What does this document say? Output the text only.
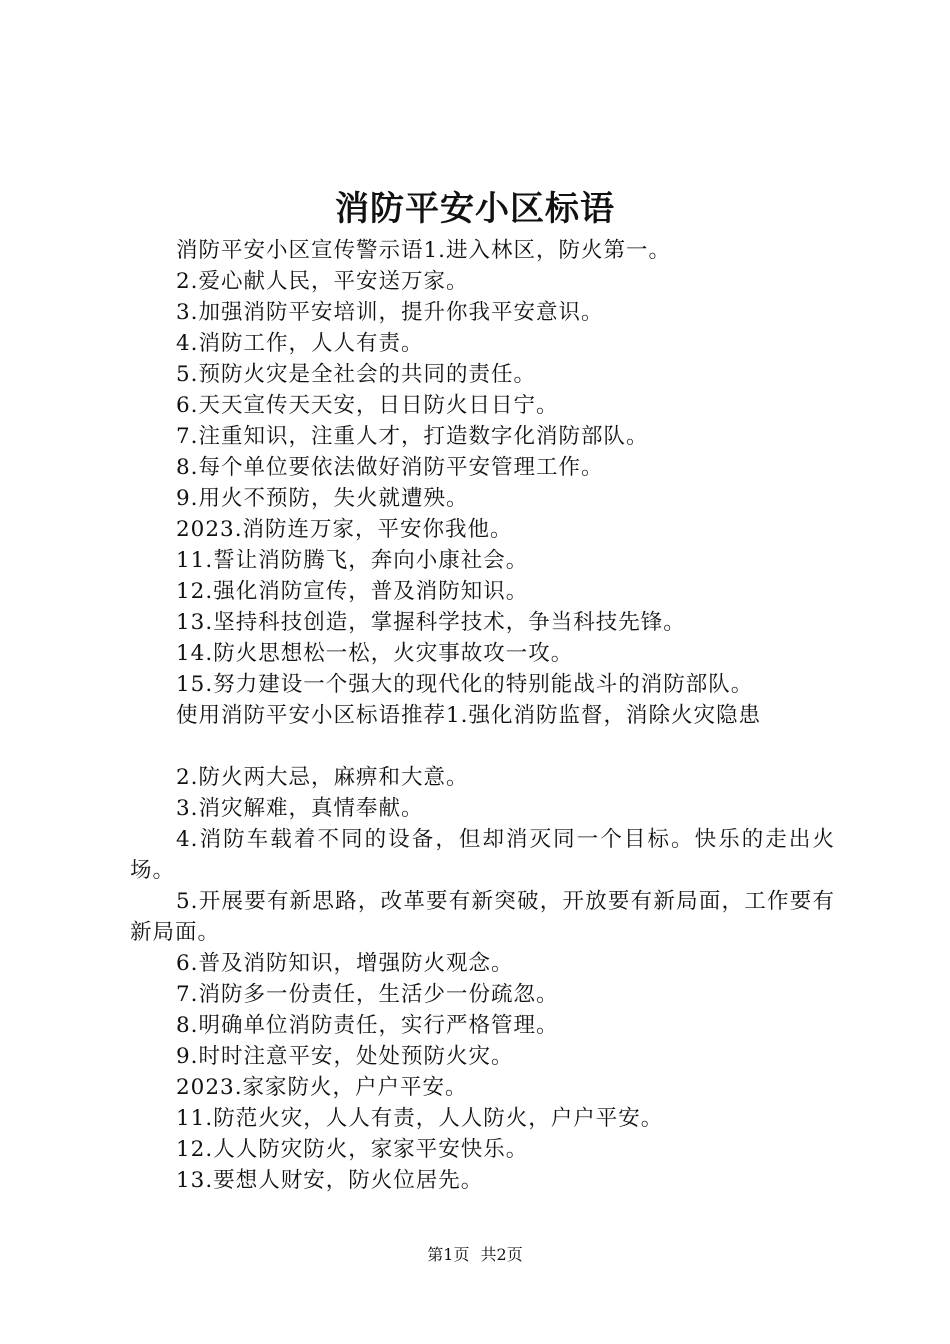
消防平安小区标语
消防平安小区宣传警示语1.进入林区，防火第一。
2.爱心献人民，平安送万家。
3.加强消防平安培训，提升你我平安意识。
4.消防工作，人人有责。
5.预防火灾是全社会的共同的责任。
6.天天宣传天天安，日日防火日日宁。
7.注重知识，注重人才，打造数字化消防部队。
8.每个单位要依法做好消防平安管理工作。
9.用火不预防，失火就遭殃。
2023.消防连万家，平安你我他。
11.誓让消防腾飞，奔向小康社会。
12.强化消防宣传，普及消防知识。
13.坚持科技创造，掌握科学技术，争当科技先锋。
14.防火思想松一松，火灾事故攻一攻。
15.努力建设一个强大的现代化的特别能战斗的消防部队。
使用消防平安小区标语推荐1.强化消防监督，消除火灾隐患
2.防火两大忌，麻痹和大意。
3.消灾解难，真情奉献。
4.消防车载着不同的设备，但却消灭同一个目标。快乐的走出火场。
5.开展要有新思路，改革要有新突破，开放要有新局面，工作要有新局面。
6.普及消防知识，增强防火观念。
7.消防多一份责任，生活少一份疏忽。
8.明确单位消防责任，实行严格管理。
9.时时注意平安，处处预防火灾。
2023.家家防火，户户平安。
11.防范火灾，人人有责，人人防火，户户平安。
12.人人防灾防火，家家平安快乐。
13.要想人财安，防火位居先。
第1页 共2页
